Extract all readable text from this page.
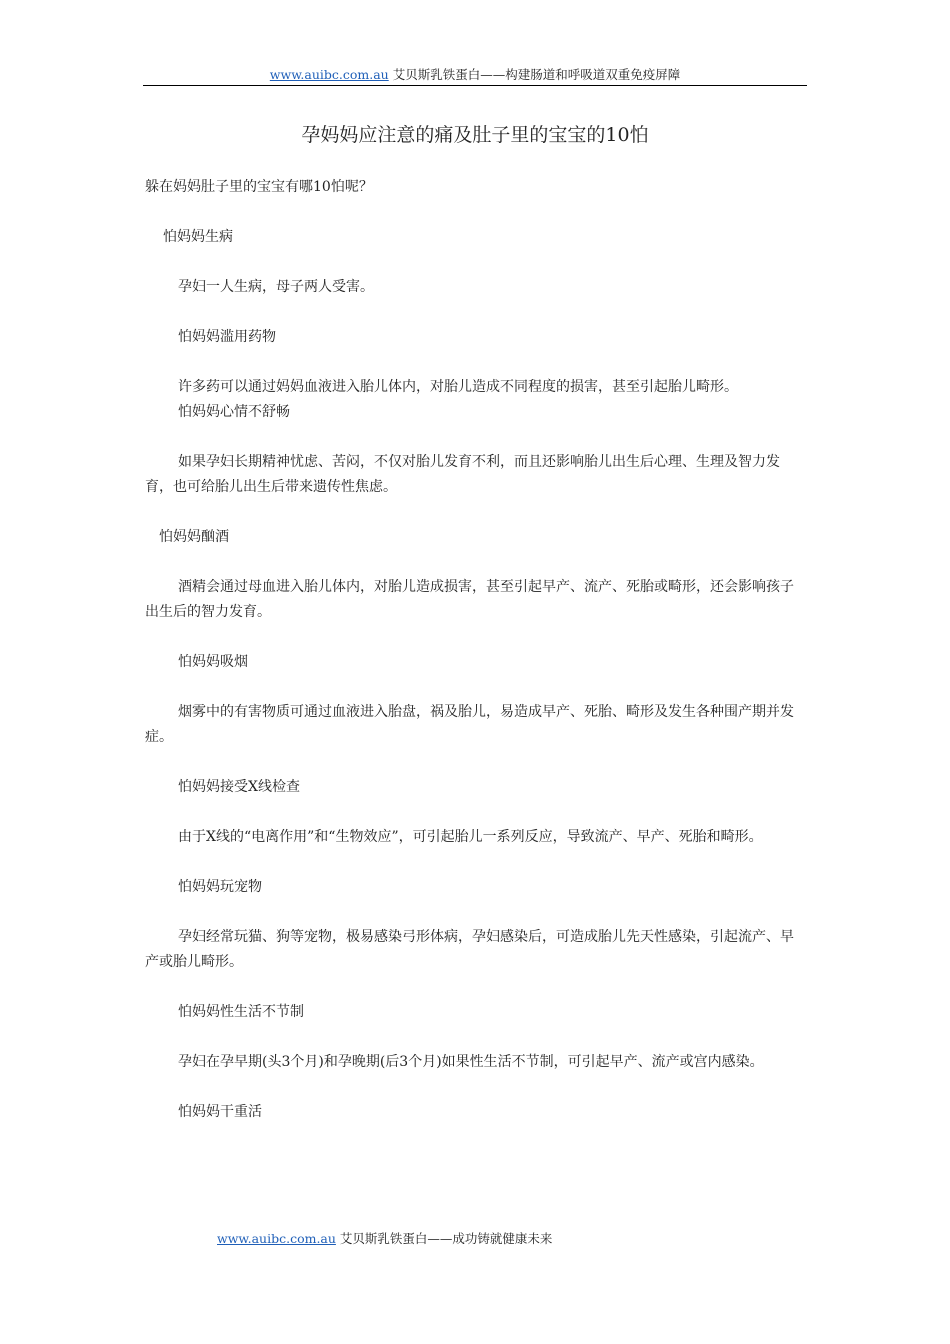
www.auibc.com.au 艾贝斯乳铁蛋白——构建肠道和呼吸道双重免疫屏障
孕妈妈应注意的痛及肚子里的宝宝的10怕

躲在妈妈肚子里的宝宝有哪10怕呢？

怕妈妈生病

孕妇一人生病，母子两人受害。

怕妈妈滥用药物

许多药可以通过妈妈血液进入胎儿体内，对胎儿造成不同程度的损害，甚至引起胎儿畸形。

怕妈妈心情不舒畅

如果孕妇长期精神忧虑、苦闷，不仅对胎儿发育不利，而且还影响胎儿出生后心理、生理及智力发育，也可给胎儿出生后带来遗传性焦虑。

怕妈妈酗酒

酒精会通过母血进入胎儿体内，对胎儿造成损害，甚至引起早产、流产、死胎或畸形，还会影响孩子出生后的智力发育。

怕妈妈吸烟

烟雾中的有害物质可通过血液进入胎盘，祸及胎儿，易造成早产、死胎、畸形及发生各种围产期并发症。

怕妈妈接受X线检查

由于X线的“电离作用”和“生物效应”，可引起胎儿一系列反应，导致流产、早产、死胎和畸形。

怕妈妈玩宠物

孕妇经常玩猫、狗等宠物，极易感染弓形体病，孕妇感染后，可造成胎儿先天性感染，引起流产、早产或胎儿畸形。

怕妈妈性生活不节制

孕妇在孕早期(头3个月)和孕晚期(后3个月)如果性生活不节制，可引起早产、流产或宫内感染。

怕妈妈干重活

www.auibc.com.au 艾贝斯乳铁蛋白——成功铸就健康未来
